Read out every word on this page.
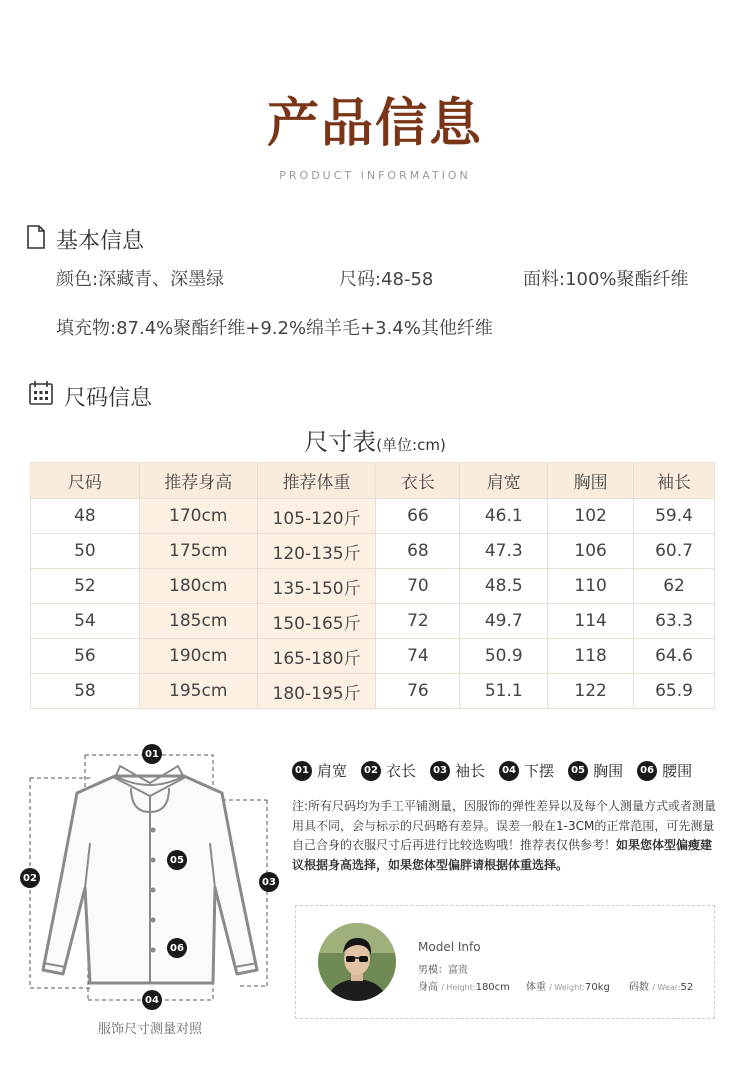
产品信息
PRODUCT INFORMATION
基本信息
颜色:深藏青、深墨绿	尺码:48-58	面料:100%聚酯纤维
填充物:87.4%聚酯纤维+9.2%绵羊毛+3.4%其他纤维
尺码信息
尺寸表(单位:cm)
尺码	推荐身高	推荐体重	衣长	肩宽	胸围	袖长
48	170cm	105-120斤	66	46.1	102	59.4
50	175cm	120-135斤	68	47.3	106	60.7
52	180cm	135-150斤	70	48.5	110	62
54	185cm	150-165斤	72	49.7	114	63.3
56	190cm	165-180斤	74	50.9	118	64.6
58	195cm	180-195斤	76	51.1	122	65.9
01
02	03
04
05
06
服饰尺寸测量对照
01 肩宽	02 衣长	03 袖长	04 下摆	05 胸围	06 腰围
注:所有尺码均为手工平铺测量，因服饰的弹性差异以及每个人测量方式或者测量用具不同，会与标示的尺码略有差异。误差一般在1-3CM的正常范围，可先测量自己合身的衣服尺寸后再进行比较选购哦！推荐表仅供参考！如果您体型偏瘦建议根据身高选择，如果您体型偏胖请根据体重选择。
Model Info
男模：富贵
身高 / Height:180cm 体重 / Weight:70kg 码数 / Wear:52
